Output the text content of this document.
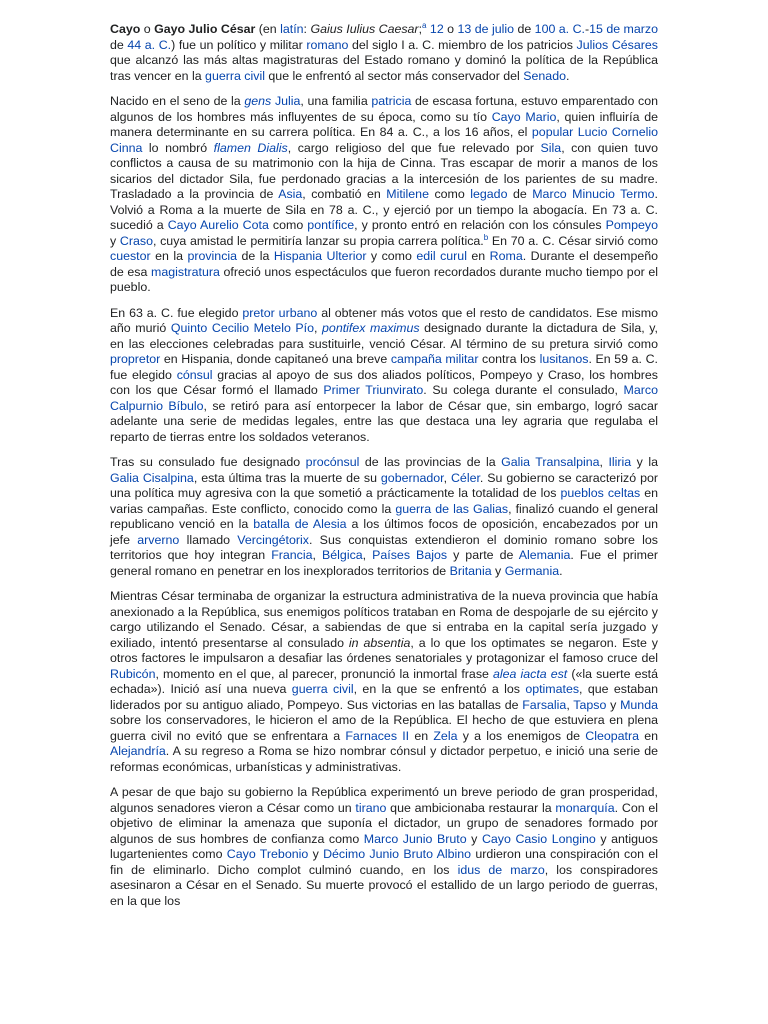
Cayo o Gayo Julio César (en latín: Gaius Iulius Caesar;$^a$ 12 o 13 de julio de 100 a. C.-15 de marzo de 44 a. C.) fue un político y militar romano del siglo I a. C. miembro de los patricios Julios Césares que alcanzó las más altas magistraturas del Estado romano y dominó la política de la República tras vencer en la guerra civil que le enfrentó al sector más conservador del Senado.

Nacido en el seno de la gens Julia, una familia patricia de escasa fortuna, estuvo emparentado con algunos de los hombres más influyentes de su época, como su tío Cayo Mario, quien influiría de manera determinante en su carrera política. En 84 a. C., a los 16 años, el popular Lucio Cornelio Cinna lo nombró flamen Dialis, cargo religioso del que fue relevado por Sila, con quien tuvo conflictos a causa de su matrimonio con la hija de Cinna. Tras escapar de morir a manos de los sicarios del dictador Sila, fue perdonado gracias a la intercesión de los parientes de su madre. Trasladado a la provincia de Asia, combatió en Mitilene como legado de Marco Minucio Termo. Volvió a Roma a la muerte de Sila en 78 a. C., y ejerció por un tiempo la abogacía. En 73 a. C. sucedió a Cayo Aurelio Cota como pontífice, y pronto entró en relación con los cónsules Pompeyo y Craso, cuya amistad le permitiría lanzar su propia carrera política.$^b$ En 70 a. C. César sirvió como cuestor en la provincia de la Hispania Ulterior y como edil curul en Roma. Durante el desempeño de esa magistratura ofreció unos espectáculos que fueron recordados durante mucho tiempo por el pueblo.

En 63 a. C. fue elegido pretor urbano al obtener más votos que el resto de candidatos. Ese mismo año murió Quinto Cecilio Metelo Pío, pontifex maximus designado durante la dictadura de Sila, y, en las elecciones celebradas para sustituirle, venció César. Al término de su pretura sirvió como propretor en Hispania, donde capitaneó una breve campaña militar contra los lusitanos. En 59 a. C. fue elegido cónsul gracias al apoyo de sus dos aliados políticos, Pompeyo y Craso, los hombres con los que César formó el llamado Primer Triunvirato. Su colega durante el consulado, Marco Calpurnio Bíbulo, se retiró para así entorpecer la labor de César que, sin embargo, logró sacar adelante una serie de medidas legales, entre las que destaca una ley agraria que regulaba el reparto de tierras entre los soldados veteranos.

Tras su consulado fue designado procónsul de las provincias de la Galia Transalpina, Iliria y la Galia Cisalpina, esta última tras la muerte de su gobernador, Céler. Su gobierno se caracterizó por una política muy agresiva con la que sometió a prácticamente la totalidad de los pueblos celtas en varias campañas. Este conflicto, conocido como la guerra de las Galias, finalizó cuando el general republicano venció en la batalla de Alesia a los últimos focos de oposición, encabezados por un jefe arverno llamado Vercingétorix. Sus conquistas extendieron el dominio romano sobre los territorios que hoy integran Francia, Bélgica, Países Bajos y parte de Alemania. Fue el primer general romano en penetrar en los inexplorados territorios de Britania y Germania.

Mientras César terminaba de organizar la estructura administrativa de la nueva provincia que había anexionado a la República, sus enemigos políticos trataban en Roma de despojarle de su ejército y cargo utilizando el Senado. César, a sabiendas de que si entraba en la capital sería juzgado y exiliado, intentó presentarse al consulado in absentia, a lo que los optimates se negaron. Este y otros factores le impulsaron a desafiar las órdenes senatoriales y protagonizar el famoso cruce del Rubicón, momento en el que, al parecer, pronunció la inmortal frase alea iacta est («la suerte está echada»). Inició así una nueva guerra civil, en la que se enfrentó a los optimates, que estaban liderados por su antiguo aliado, Pompeyo. Sus victorias en las batallas de Farsalia, Tapso y Munda sobre los conservadores, le hicieron el amo de la República. El hecho de que estuviera en plena guerra civil no evitó que se enfrentara a Farnaces II en Zela y a los enemigos de Cleopatra en Alejandría. A su regreso a Roma se hizo nombrar cónsul y dictador perpetuo, e inició una serie de reformas económicas, urbanísticas y administrativas.

A pesar de que bajo su gobierno la República experimentó un breve periodo de gran prosperidad, algunos senadores vieron a César como un tirano que ambicionaba restaurar la monarquía. Con el objetivo de eliminar la amenaza que suponía el dictador, un grupo de senadores formado por algunos de sus hombres de confianza como Marco Junio Bruto y Cayo Casio Longino y antiguos lugartenientes como Cayo Trebonio y Décimo Junio Bruto Albino urdieron una conspiración con el fin de eliminarlo. Dicho complot culminó cuando, en los idus de marzo, los conspiradores asesinaron a César en el Senado. Su muerte provocó el estallido de un largo periodo de guerras, en la que los
